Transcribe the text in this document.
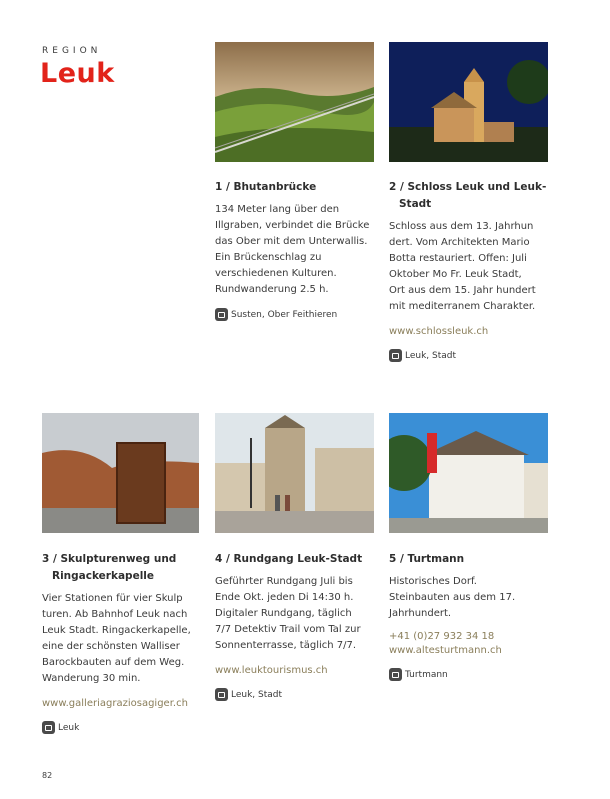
REGION
Leuk
1 / Bhutanbrücke

134 Meter lang über den Illgraben, verbindet die Brücke das Ober mit dem Unterwallis. Ein Brückenschlag zu verschiedenen Kulturen. Rundwanderung 2.5 h.

Susten, Ober Feithieren
2 / Schloss Leuk und Leuk-Stadt

Schloss aus dem 13. Jahrhun dert. Vom Architekten Mario Botta restauriert. Offen: Juli Oktober Mo Fr. Leuk Stadt, Ort aus dem 15. Jahr hundert mit mediterranem Charakter.

www.schlossleuk.ch
Leuk, Stadt
3 / Skulpturenweg und Ringackerkapelle

Vier Stationen für vier Skulp turen. Ab Bahnhof Leuk nach Leuk Stadt. Ringackerkapelle, eine der schönsten Walliser Barockbauten auf dem Weg. Wanderung 30 min.

www.galleriagraziosagiger.ch
Leuk
4 / Rundgang Leuk-Stadt

Geführter Rundgang Juli bis Ende Okt. jeden Di 14:30 h. Digitaler Rundgang, täglich 7/7 Detektiv Trail vom Tal zur Sonnenterrasse, täglich 7/7.

www.leuktourismus.ch
Leuk, Stadt
5 / Turtmann

Historisches Dorf. Steinbauten aus dem 17. Jahrhundert.

+41 (0)27 932 34 18
www.altesturtmann.ch
Turtmann
82
